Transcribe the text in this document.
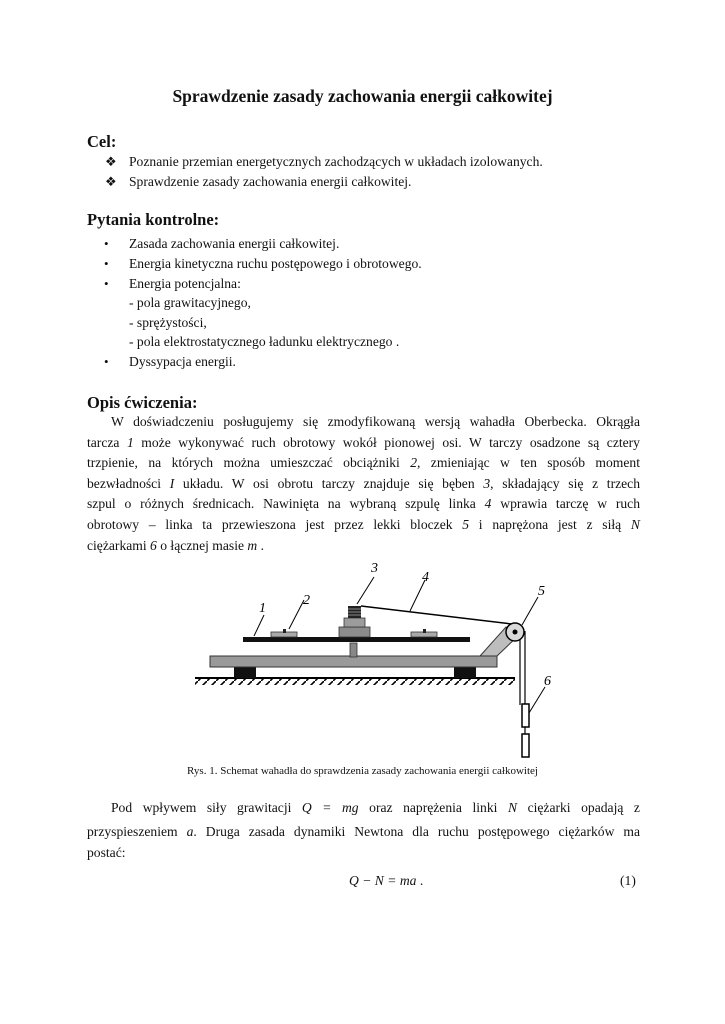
Sprawdzenie zasady zachowania energii całkowitej
Cel:
❖ Poznanie przemian energetycznych zachodzących w układach izolowanych.
❖ Sprawdzenie zasady zachowania energii całkowitej.
Pytania kontrolne:
• Zasada zachowania energii całkowitej.
• Energia kinetyczna ruchu postępowego i obrotowego.
• Energia potencjalna:
- pola grawitacyjnego,
- sprężystości,
- pola elektrostatycznego ładunku elektrycznego .
• Dyssypacja energii.
Opis ćwiczenia:
W doświadczeniu posługujemy się zmodyfikowaną wersją wahadła Oberbecka. Okrągła
tarcza 1 może wykonywać ruch obrotowy wokół pionowej osi. W tarczy osadzone są cztery
trzpienie, na których można umieszczać obciążniki 2, zmieniając w ten sposób moment
bezwładności I układu. W osi obrotu tarczy znajduje się bęben 3, składający się z trzech
szpul o różnych średnicach. Nawinięta na wybraną szpulę linka 4 wprawia tarczę w ruch
obrotowy – linka ta przewieszona jest przez lekki bloczek 5 i naprężona jest z siłą N
ciężarkami 6 o łącznej masie m .
1
2
3
4
5
6
Rys. 1. Schemat wahadła do sprawdzenia zasady zachowania energii całkowitej
Pod wpływem siły grawitacji Q = mg oraz naprężenia linki N ciężarki opadają z
przyspieszeniem a. Druga zasada dynamiki Newtona dla ruchu postępowego ciężarków ma
postać:
Q − N = ma .	(1)
